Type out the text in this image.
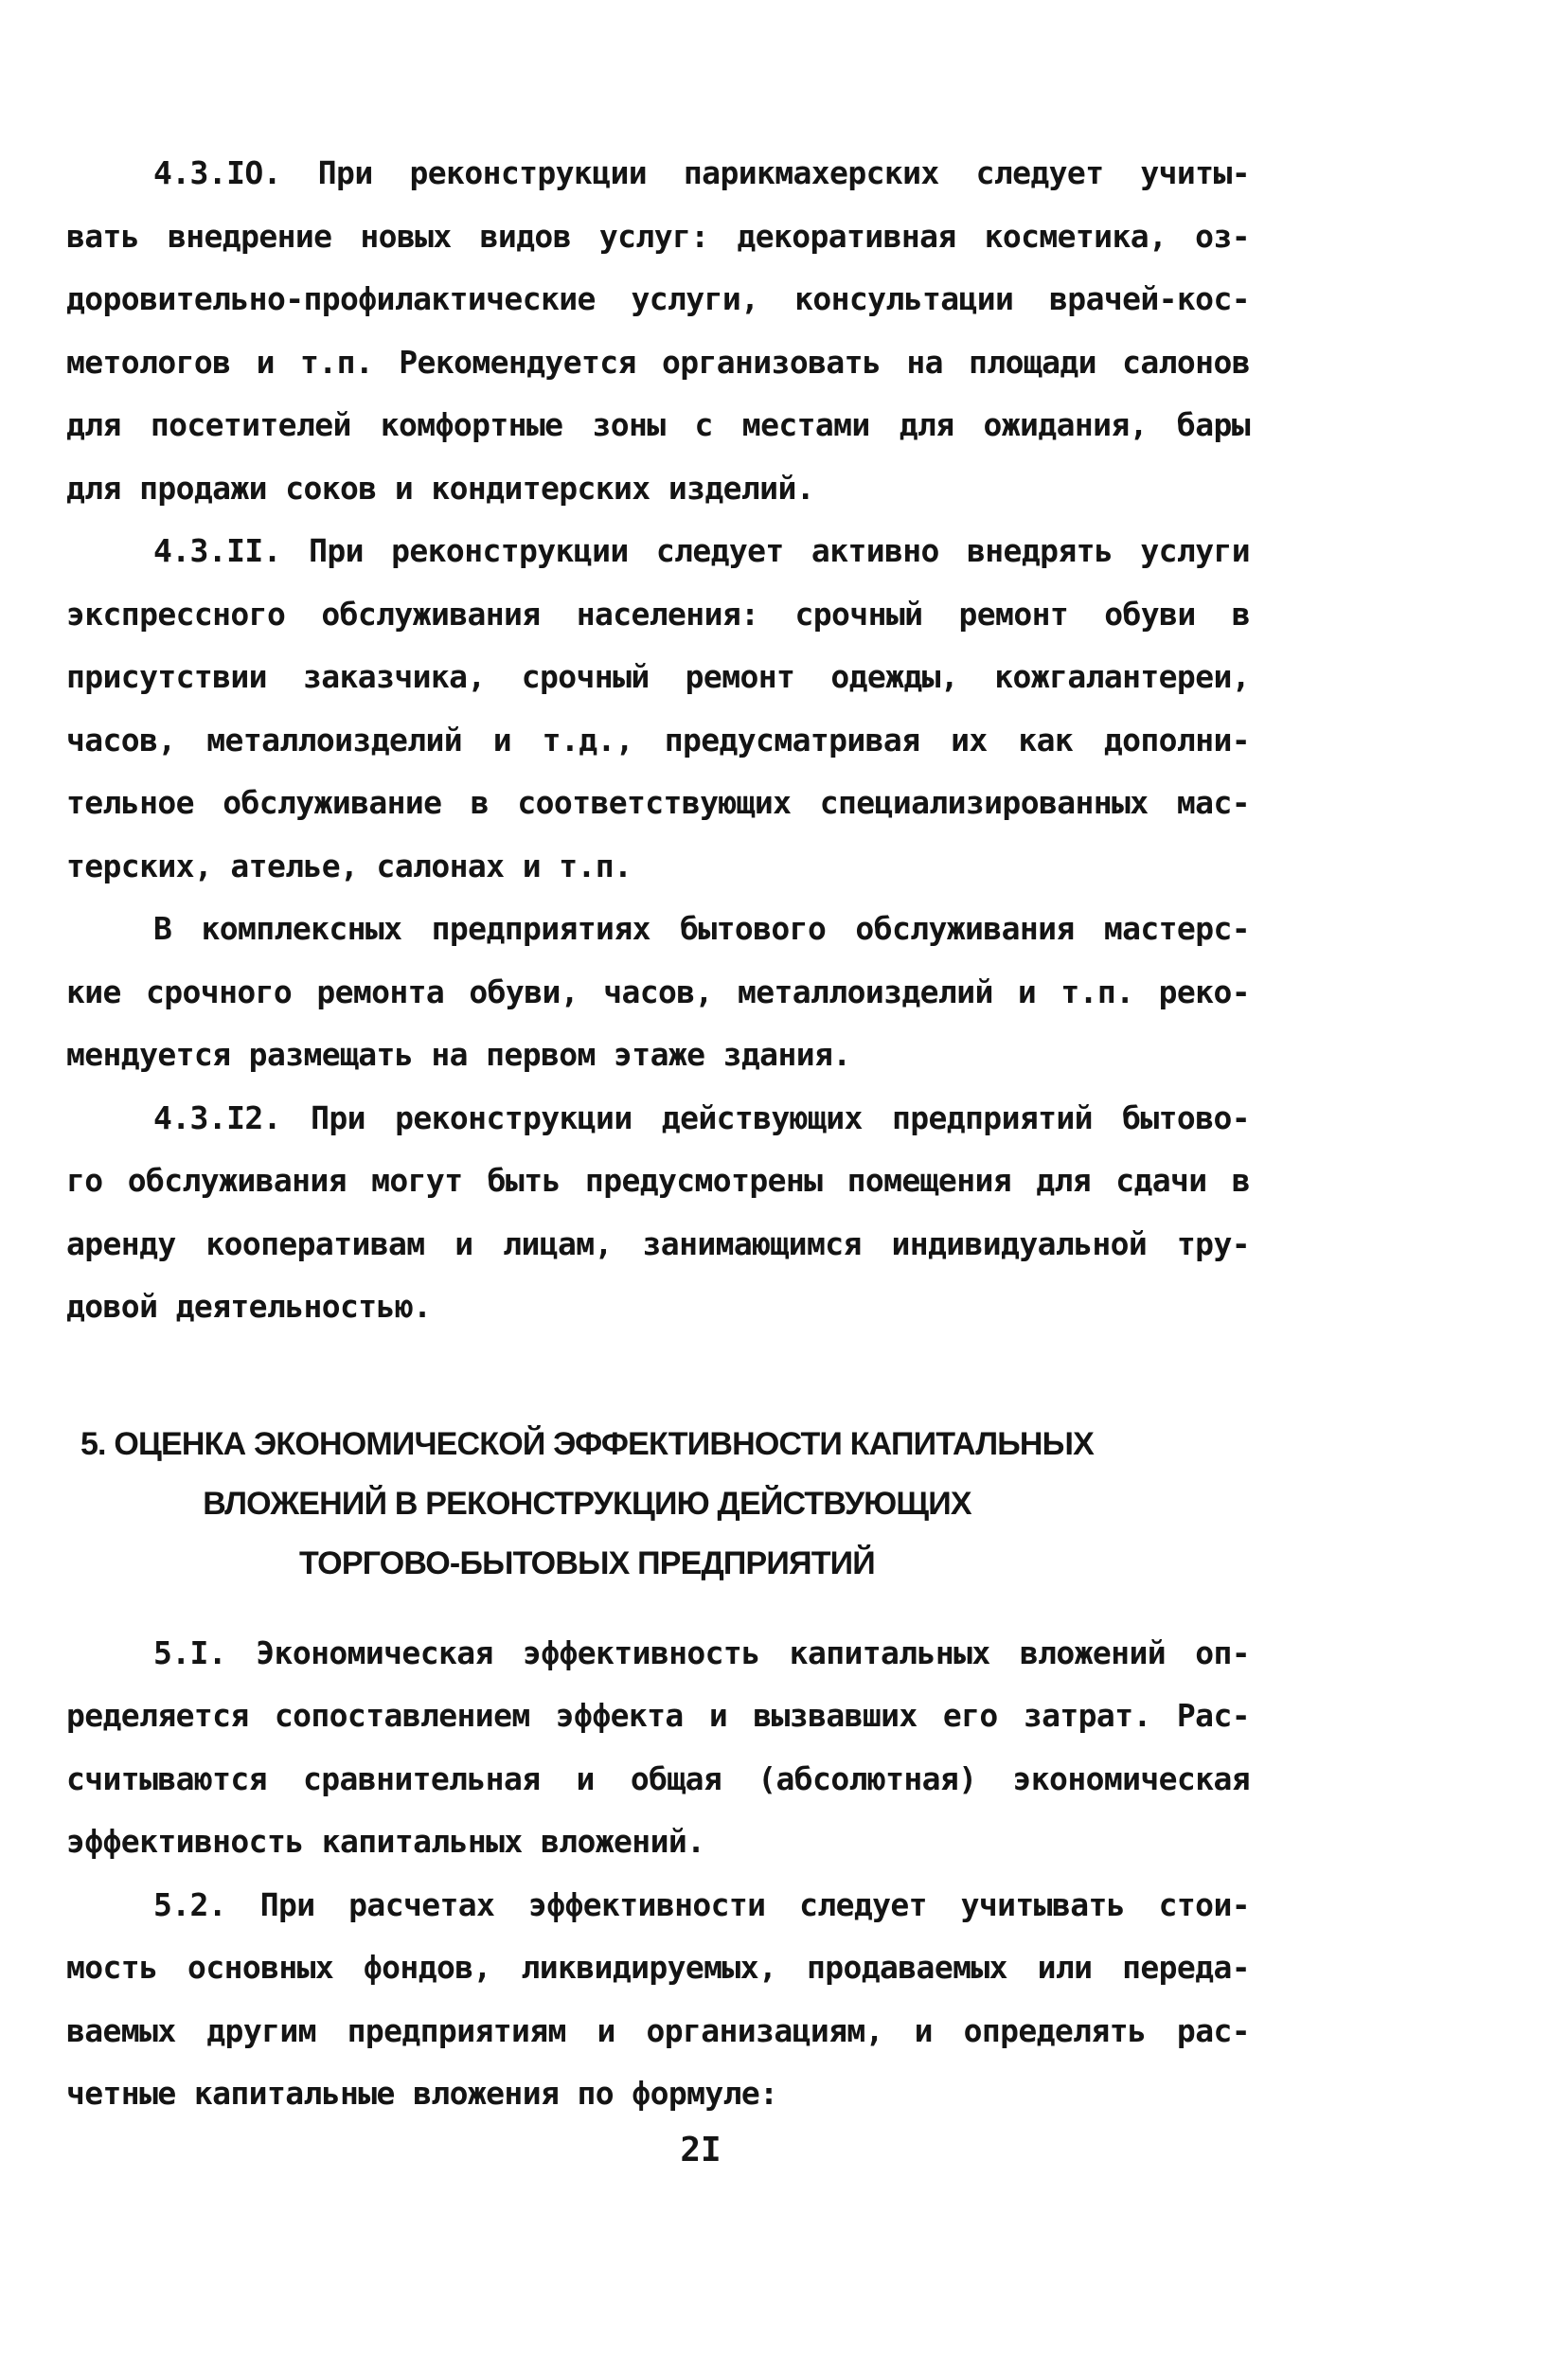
4.3.IO. При реконструкции парикмахерских следует учиты-
вать внедрение новых видов услуг: декоративная косметика, оз-
доровительно-профилактические услуги, консультации врачей-кос-
метологов и т.п. Рекомендуется организовать на площади салонов
для посетителей комфортные зоны с местами для ожидания, бары
для продажи соков и кондитерских изделий.

4.3.II. При реконструкции следует активно внедрять услуги
экспрессного обслуживания населения: срочный ремонт обуви в
присутствии заказчика, срочный ремонт одежды, кожгалантереи,
часов, металлоизделий и т.д., предусматривая их как дополни-
тельное обслуживание в соответствующих специализированных мас-
терских, ателье, салонах и т.п.

В комплексных предприятиях бытового обслуживания мастерс-
кие срочного ремонта обуви, часов, металлоизделий и т.п. реко-
мендуется размещать на первом этаже здания.

4.3.I2. При реконструкции действующих предприятий бытово-
го обслуживания могут быть предусмотрены помещения для сдачи в
аренду кооперативам и лицам, занимающимся индивидуальной тру-
довой деятельностью.

5. ОЦЕНКА ЭКОНОМИЧЕСКОЙ ЭФФЕКТИВНОСТИ КАПИТАЛЬНЫХ
ВЛОЖЕНИЙ В РЕКОНСТРУКЦИЮ ДЕЙСТВУЮЩИХ
ТОРГОВО-БЫТОВЫХ ПРЕДПРИЯТИЙ

5.I. Экономическая эффективность капитальных вложений оп-
ределяется сопоставлением эффекта и вызвавших его затрат. Рас-
считываются сравнительная и общая (абсолютная) экономическая
эффективность капитальных вложений.

5.2. При расчетах эффективности следует учитывать стои-
мость основных фондов, ликвидируемых, продаваемых или переда-
ваемых другим предприятиям и организациям, и определять рас-
четные капитальные вложения по формуле:

2I
